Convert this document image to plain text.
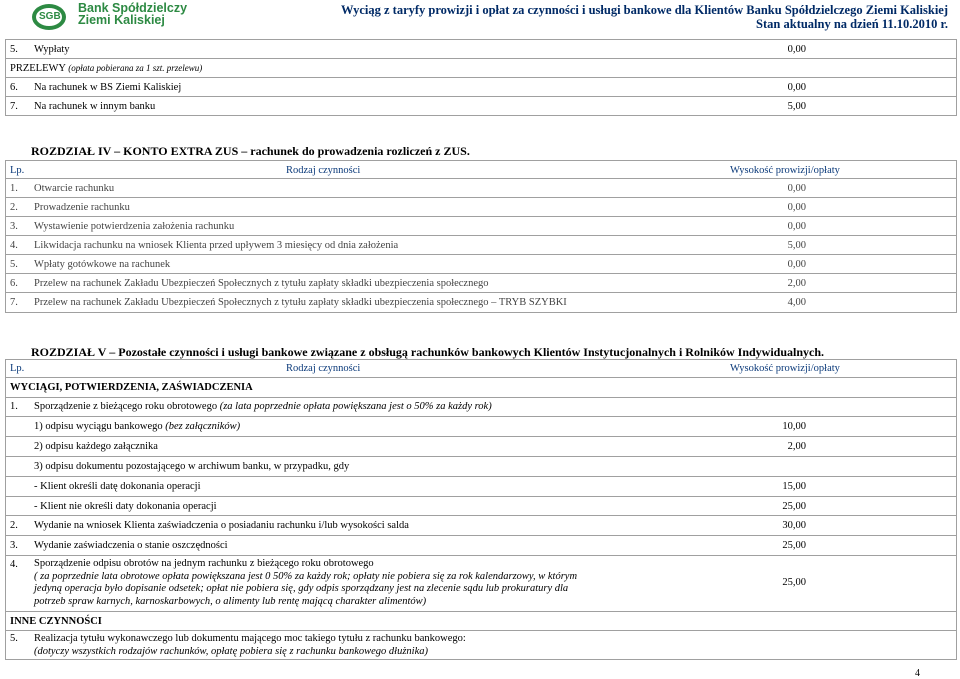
SGB
Bank Spółdzielczy
Ziemi Kaliskiej
Wyciąg z taryfy prowizji i opłat za czynności i usługi bankowe dla Klientów Banku Spółdzielczego Ziemi Kaliskiej
Stan aktualny na dzień 11.10.2010 r.
5. Wypłaty	0,00
PRZELEWY (opłata pobierana za 1 szt. przelewu)
6. Na rachunek w BS Ziemi Kaliskiej	0,00
7. Na rachunek w innym banku	5,00
ROZDZIAŁ IV – KONTO EXTRA ZUS – rachunek do prowadzenia rozliczeń z ZUS.
Lp.	Rodzaj czynności	Wysokość prowizji/opłaty
1. Otwarcie rachunku	0,00
2. Prowadzenie rachunku	0,00
3. Wystawienie potwierdzenia założenia rachunku	0,00
4. Likwidacja rachunku na wniosek Klienta przed upływem 3 miesięcy od dnia założenia	5,00
5. Wpłaty gotówkowe na rachunek	0,00
6. Przelew na rachunek Zakładu Ubezpieczeń Społecznych z tytułu zapłaty składki ubezpieczenia społecznego	2,00
7. Przelew na rachunek Zakładu Ubezpieczeń Społecznych z tytułu zapłaty składki ubezpieczenia społecznego – TRYB SZYBKI	4,00
ROZDZIAŁ V – Pozostałe czynności i usługi bankowe związane z obsługą rachunków bankowych Klientów Instytucjonalnych i Rolników Indywidualnych.
Lp.	Rodzaj czynności	Wysokość prowizji/opłaty
WYCIĄGI, POTWIERDZENIA, ZAŚWIADCZENIA
1. Sporządzenie z bieżącego roku obrotowego (za lata poprzednie opłata powiększana jest o 50% za każdy rok)
1) odpisu wyciągu bankowego (bez załączników)	10,00
2) odpisu każdego załącznika	2,00
3) odpisu dokumentu pozostającego w archiwum banku, w przypadku, gdy
- Klient określi datę dokonania operacji	15,00
- Klient nie określi daty dokonania operacji	25,00
2. Wydanie na wniosek Klienta zaświadczenia o posiadaniu rachunku i/lub wysokości salda	30,00
3. Wydanie zaświadczenia o stanie oszczędności	25,00
4. Sporządzenie odpisu obrotów na jednym rachunku z bieżącego roku obrotowego
( za poprzednie lata obrotowe opłata powiększana jest 0 50% za każdy rok; opłaty nie pobiera się za rok kalendarzowy, w którym
jedyną operacja było dopisanie odsetek; opłat nie pobiera się, gdy odpis sporządzany jest na zlecenie sądu lub prokuratury dla
potrzeb spraw karnych, karnoskarbowych, o alimenty lub rentę mającą charakter alimentów)
25,00
INNE CZYNNOŚCI
5. Realizacja tytułu wykonawczego lub dokumentu mającego moc takiego tytułu z rachunku bankowego:
(dotyczy wszystkich rodzajów rachunków, opłatę pobiera się z rachunku bankowego dłużnika)
4
